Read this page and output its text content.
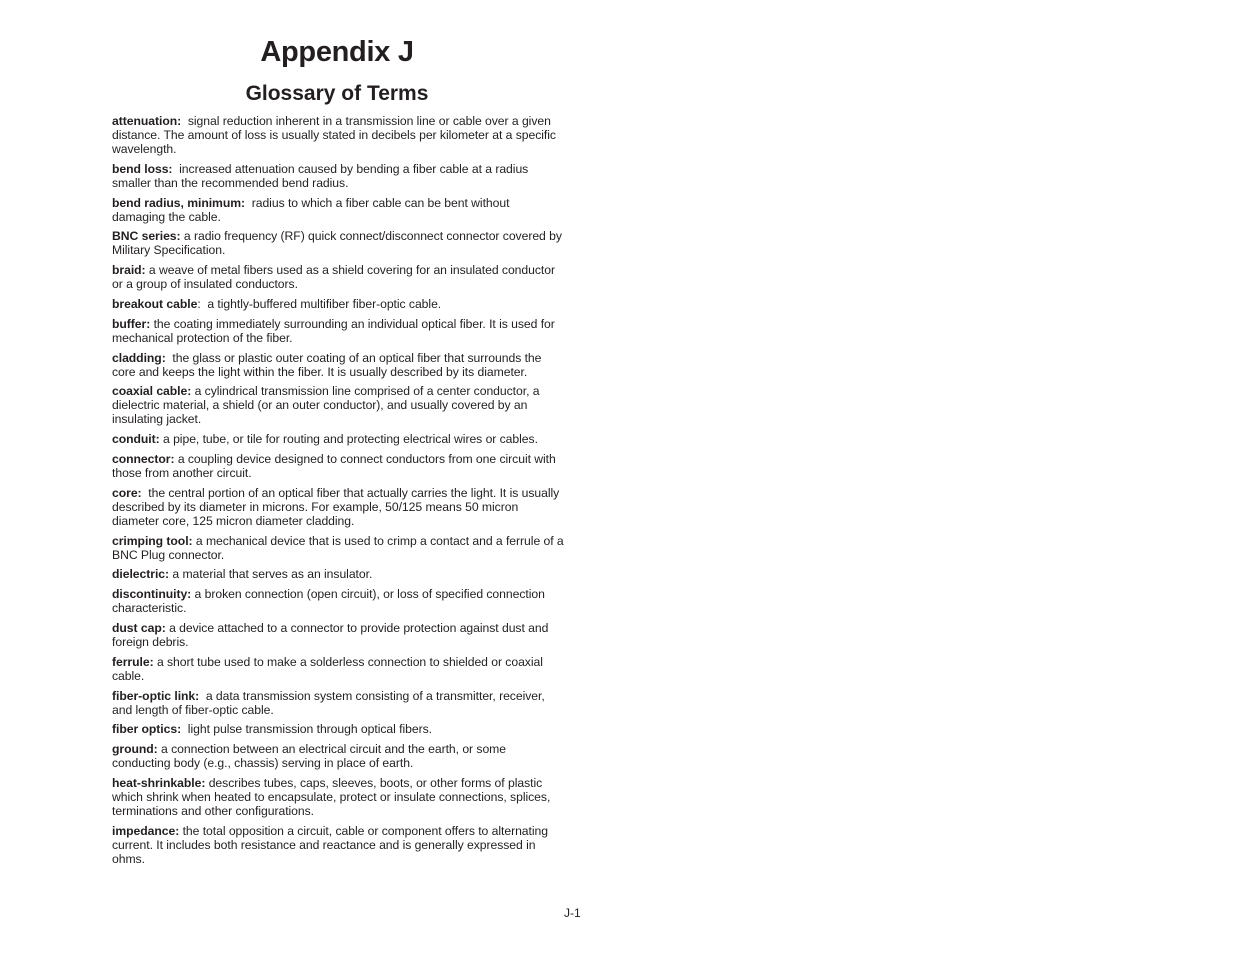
Appendix J
Glossary of Terms
attenuation: signal reduction inherent in a transmission line or cable over a given distance. The amount of loss is usually stated in decibels per kilometer at a specific wavelength.
bend loss: increased attenuation caused by bending a fiber cable at a radius smaller than the recommended bend radius.
bend radius, minimum: radius to which a fiber cable can be bent without damaging the cable.
BNC series: a radio frequency (RF) quick connect/disconnect connector covered by Military Specification.
braid: a weave of metal fibers used as a shield covering for an insulated conductor or a group of insulated conductors.
breakout cable:  a tightly-buffered multifiber fiber-optic cable.
buffer: the coating immediately surrounding an individual optical fiber. It is used for mechanical protection of the fiber.
cladding: the glass or plastic outer coating of an optical fiber that surrounds the core and keeps the light within the fiber. It is usually described by its diameter.
coaxial cable: a cylindrical transmission line comprised of a center conductor, a dielectric material, a shield (or an outer conductor), and usually covered by an insulating jacket.
conduit: a pipe, tube, or tile for routing and protecting electrical wires or cables.
connector: a coupling device designed to connect conductors from one circuit with those from another circuit.
core: the central portion of an optical fiber that actually carries the light. It is usually described by its diameter in microns. For example, 50/125 means 50 micron diameter core, 125 micron diameter cladding.
crimping tool: a mechanical device that is used to crimp a contact and a ferrule of a BNC Plug connector.
dielectric: a material that serves as an insulator.
discontinuity: a broken connection (open circuit), or loss of specified connection characteristic.
dust cap: a device attached to a connector to provide protection against dust and foreign debris.
ferrule: a short tube used to make a solderless connection to shielded or coaxial cable.
fiber-optic link: a data transmission system consisting of a transmitter, receiver, and length of fiber-optic cable.
fiber optics: light pulse transmission through optical fibers.
ground: a connection between an electrical circuit and the earth, or some conducting body (e.g., chassis) serving in place of earth.
heat-shrinkable: describes tubes, caps, sleeves, boots, or other forms of plastic which shrink when heated to encapsulate, protect or insulate connections, splices, terminations and other configurations.
impedance: the total opposition a circuit, cable or component offers to alternating current. It includes both resistance and reactance and is generally expressed in ohms.
J-1
